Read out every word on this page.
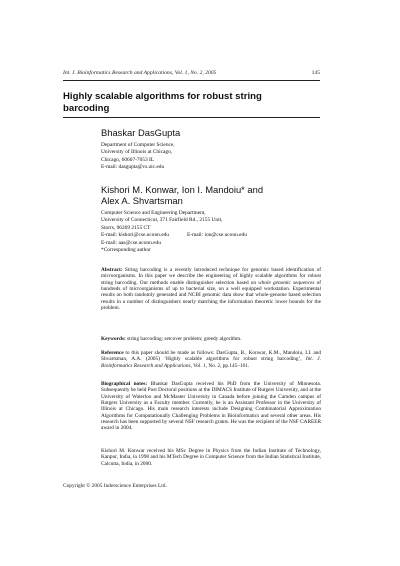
Int. J. Bioinformatics Research and Applications, Vol. 1, No. 2, 2005	145
Highly scalable algorithms for robust string
barcoding
Bhaskar DasGupta
Department of Computer Science,
University of Illinois at Chicago,
Chicago, 60607-7053 IL
E-mail: dasgupta@cs.uic.edu
Kishori M. Konwar, Ion I. Mandoiu* and
Alex A. Shvartsman
Computer Science and Engineering Department,
University of Connecticut, 371 Fairfield Rd., 2155 Unit,
Storrs, 06269 2155 CT
E-mail: kishori@cse.uconn.edu	E-mail: ion@cse.uconn.edu
E-mail: aas@cse.uconn.edu
*Corresponding author

Abstract: String barcoding is a recently introduced technique for genomic based identification of microorganisms. In this paper we describe the engineering of highly scalable algorithms for robust string barcoding. Our methods enable distinguisher selection based on whole genomic sequences of hundreds of microorganisms of up to bacterial size, on a well equipped workstation. Experimental results on both randomly generated and NCBI genomic data show that whole-genome based selection results in a number of distinguishers nearly matching the information theoretic lower bounds for the problem.

Keywords: string barcoding; setcover problem; greedy algorithm.

Reference to this paper should be made as follows: DasGupta, B., Konwar, K.M., Mandoiu, I.I. and Shvartsman, A.A. (2005) ‘Highly scalable algorithms for robust string barcoding’, Int. J. Bioinformatics Research and Applications, Vol. 1, No. 2, pp.145–161.

Biographical notes: Bhaskar DasGupta received his PhD from the University of Minnesota. Subsequently he held Post Doctoral positions at the DIMACS Institute of Rutgers University, and at the University of Waterloo and McMaster University in Canada before joining the Camden campus of Rutgers University as a Faculty member. Currently, he is an Assistant Professor in the University of Illinois at Chicago. His main research interests include Designing Combinatorial Approximation Algorithms for Computationally Challenging Problems in Bioinformatics and several other areas. His research has been supported by several NSF research grants. He was the recipient of the NSF CAREER award in 2004.

Kishori M. Konwar received his MSc Degree in Physics from the Indian Institute of Technology, Kanpur, India, in 1998 and his MTech Degree in Computer Science from the Indian Statistical Institute, Calcutta, India, in 2000.

Copyright © 2005 Inderscience Enterprises Ltd.
